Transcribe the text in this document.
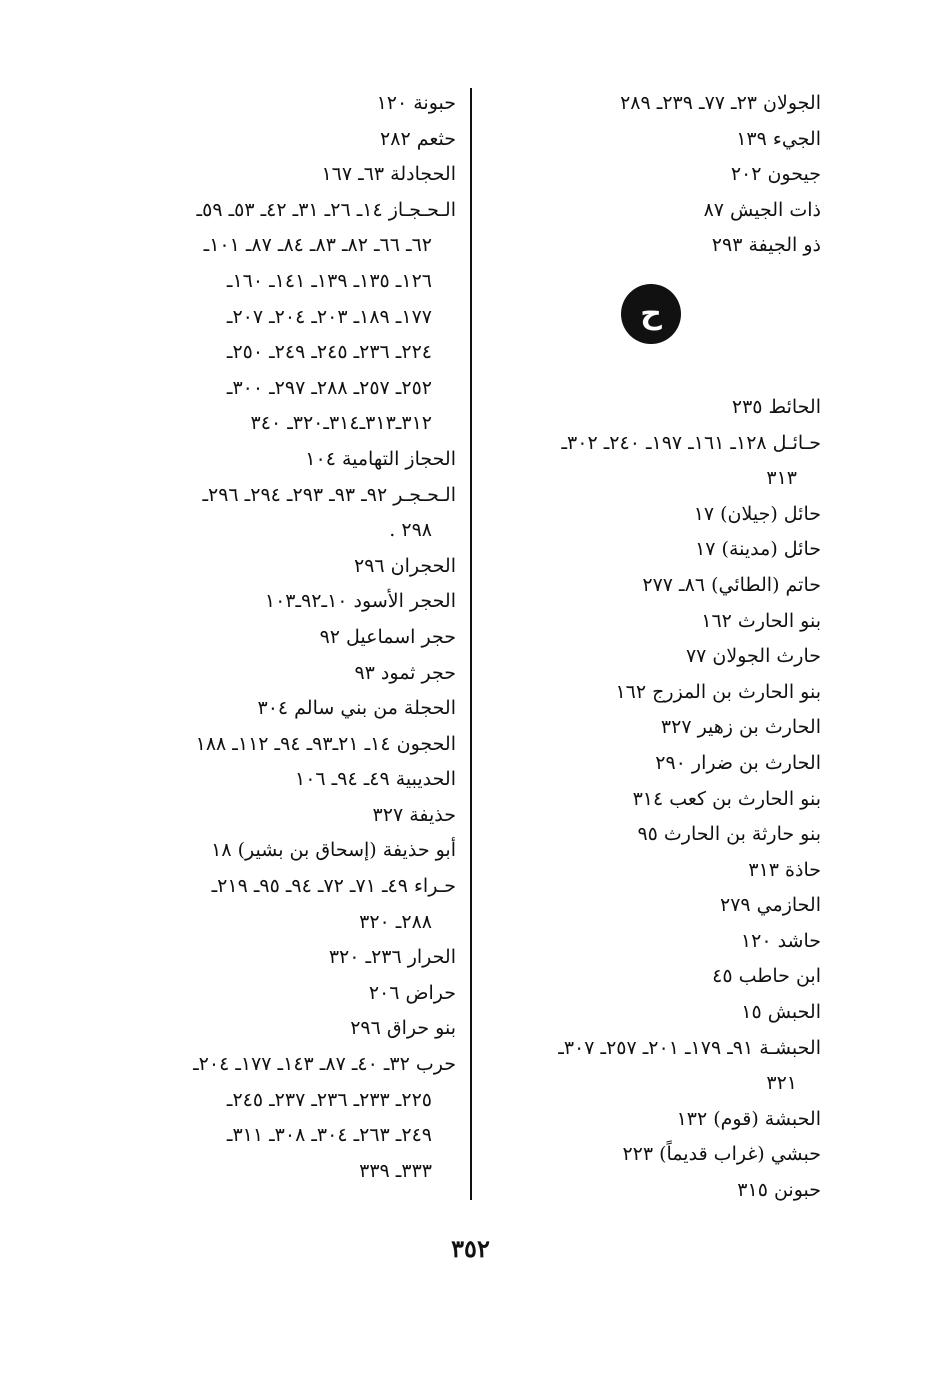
الجولان ٢٣ـ ٧٧ـ ٢٣٩ـ ٢٨٩
الجيء ١٣٩
جيحون ٢٠٢
ذات الجيش ٨٧
ذو الجيفة ٢٩٣
ح
الحائط ٢٣٥
حـائـل ١٢٨ـ ١٦١ـ ١٩٧ـ ٢٤٠ـ ٣٠٢ـ
٣١٣
حائل (جيلان) ١٧
حائل (مدينة) ١٧
حاتم (الطائي) ٨٦ـ ٢٧٧
بنو الحارث ١٦٢
حارث الجولان ٧٧
بنو الحارث بن المزرج ١٦٢
الحارث بن زهير ٣٢٧
الحارث بن ضرار ٢٩٠
بنو الحارث بن كعب ٣١٤
بنو حارثة بن الحارث ٩٥
حاذة ٣١٣
الحازمي ٢٧٩
حاشد ١٢٠
ابن حاطب ٤٥
الحبش ١٥
الحبشـة ٩١ـ ١٧٩ـ ٢٠١ـ ٢٥٧ـ ٣٠٧ـ
٣٢١
الحبشة (قوم) ١٣٢
حبشي (غراب قديماً) ٢٢٣
حبونن ٣١٥
حبونة ١٢٠
حثعم ٢٨٢
الحجادلة ٦٣ـ ١٦٧
الـحـجـاز ١٤ـ ٢٦ـ ٣١ـ ٤٢ـ ٥٣ـ ٥٩ـ
٦٢ـ ٦٦ـ ٨٢ـ ٨٣ـ ٨٤ـ ٨٧ـ ١٠١ـ
١٢٦ـ ١٣٥ـ ١٣٩ـ ١٤١ـ ١٦٠ـ
١٧٧ـ ١٨٩ـ ٢٠٣ـ ٢٠٤ـ ٢٠٧ـ
٢٢٤ـ ٢٣٦ـ ٢٤٥ـ ٢٤٩ـ ٢٥٠ـ
٢٥٢ـ ٢٥٧ـ ٢٨٨ـ ٢٩٧ـ ٣٠٠ـ
٣١٢ـ٣١٣ـ٣١٤ـ٣٢٠ـ ٣٤٠
الحجاز التهامية ١٠٤
الـحـجـر ٩٢ـ ٩٣ـ ٢٩٣ـ ٢٩٤ـ ٢٩٦ـ
٢٩٨ .
الحجران ٢٩٦
الحجر الأسود ١٠ـ٩٢ـ١٠٣
حجر اسماعيل ٩٢
حجر ثمود ٩٣
الحجلة من بني سالم ٣٠٤
الحجون ١٤ـ ٢١ـ٩٣ـ ٩٤ـ ١١٢ـ ١٨٨
الحديبية ٤٩ـ ٩٤ـ ١٠٦
حذيفة ٣٢٧
أبو حذيفة (إسحاق بن بشير) ١٨
حـراء ٤٩ـ ٧١ـ ٧٢ـ ٩٤ـ ٩٥ـ ٢١٩ـ
٢٨٨ـ ٣٢٠
الحرار ٢٣٦ـ ٣٢٠
حراض ٢٠٦
بنو حراق ٢٩٦
حرب ٣٢ـ ٤٠ـ ٨٧ـ ١٤٣ـ ١٧٧ـ ٢٠٤ـ
٢٢٥ـ ٢٣٣ـ ٢٣٦ـ ٢٣٧ـ ٢٤٥ـ
٢٤٩ـ ٢٦٣ـ ٣٠٤ـ ٣٠٨ـ ٣١١ـ
٣٣٣ـ ٣٣٩
٣٥٢
